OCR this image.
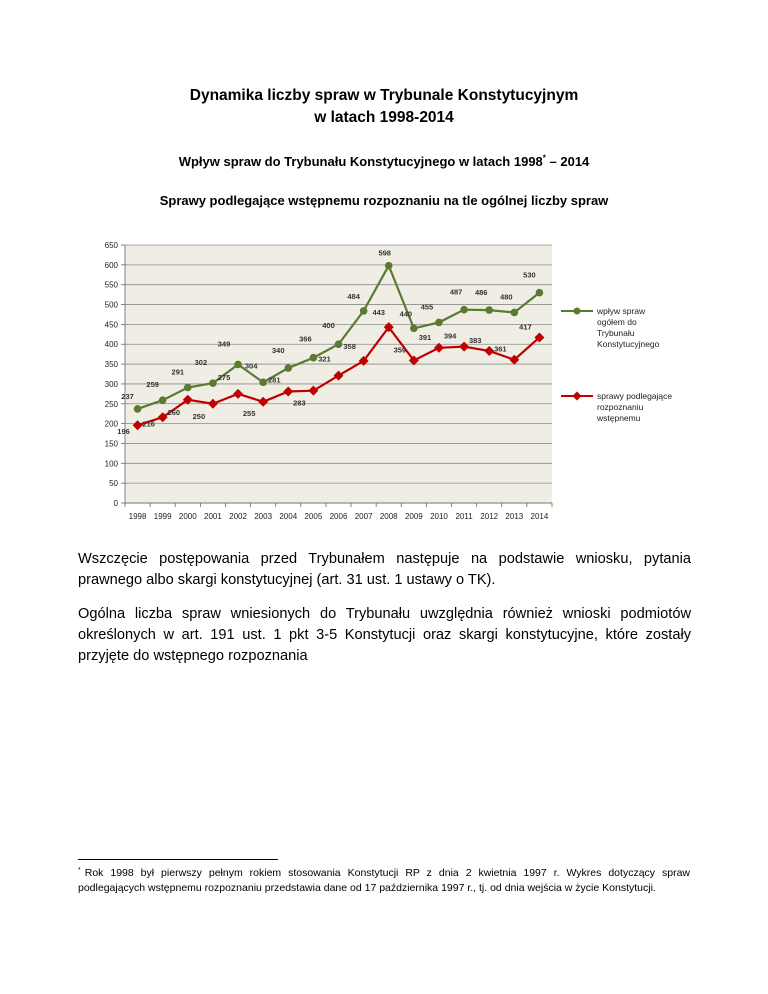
Dynamika liczby spraw w Trybunale Konstytucyjnym
w latach 1998-2014
Wpływ spraw do Trybunału Konstytucyjnego w latach 1998* – 2014
Sprawy podlegające wstępnemu rozpoznaniu na tle ogólnej liczby spraw
0
50
100
150
200
250
300
350
400
450
500
550
600
650
1998 1999 2000 2001 2002 2003 2004 2005 2006 2007 2008 2009 2010 2011 2012 2013 2014
237
259
291
302
349
304
340
366
400
484
598
440
455
487 486 480
530
196
216
260 250
275
255
281
283
321
358
443
359
391 394 383
361
417
wpływ spraw
ogółem do
Trybunału
Konstytucyjnego
sprawy podlegające
rozpoznaniu
wstępnemu
Wszczęcie postępowania przed Trybunałem następuje na podstawie wniosku, pytania prawnego albo skargi konstytucyjnej (art. 31 ust. 1 ustawy o TK).
Ogólna liczba spraw wniesionych do Trybunału uwzględnia również wnioski podmiotów określonych w art. 191 ust. 1 pkt 3-5 Konstytucji oraz skargi konstytucyjne, które zostały przyjęte do wstępnego rozpoznania
* Rok 1998 był pierwszy pełnym rokiem stosowania Konstytucji RP z dnia 2 kwietnia 1997 r. Wykres dotyczący spraw podlegających wstępnemu rozpoznaniu przedstawia dane od 17 października 1997 r., tj. od dnia wejścia w życie Konstytucji.
